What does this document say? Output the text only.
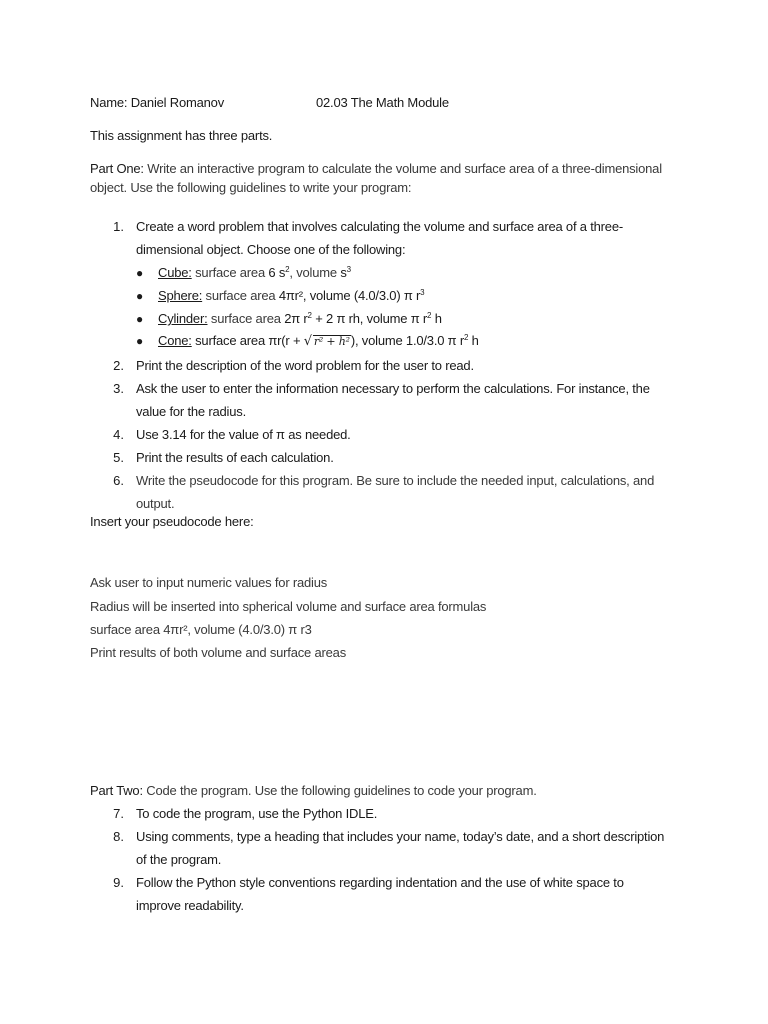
Name: Daniel Romanov	02.03 The Math Module
This assignment has three parts.
Part One: Write an interactive program to calculate the volume and surface area of a three-dimensional
object. Use the following guidelines to write your program:
1. Create a word problem that involves calculating the volume and surface area of a three-
dimensional object. Choose one of the following:
● Cube: surface area 6 $s^2$, volume $s^3$
● Sphere: surface area 4πr², volume (4.0/3.0) π $r^3$
● Cylinder: surface area 2π $r^2 + 2$ π rh, volume π $r^2$ h
● Cone: surface area πr(r + √ r² + h²), volume 1.0/3.0 π $r^2$ h
2. Print the description of the word problem for the user to read.
3. Ask the user to enter the information necessary to perform the calculations. For instance, the
value for the radius.
4. Use 3.14 for the value of π as needed.
5. Print the results of each calculation.
6. Write the pseudocode for this program. Be sure to include the needed input, calculations, and
output.
Insert your pseudocode here:
Ask user to input numeric values for radius
Radius will be inserted into spherical volume and surface area formulas
surface area 4πr², volume (4.0/3.0) π r3
Print results of both volume and surface areas
Part Two: Code the program. Use the following guidelines to code your program.
7. To code the program, use the Python IDLE.
8. Using comments, type a heading that includes your name, today’s date, and a short description
of the program.
9. Follow the Python style conventions regarding indentation and the use of white space to
improve readability.
